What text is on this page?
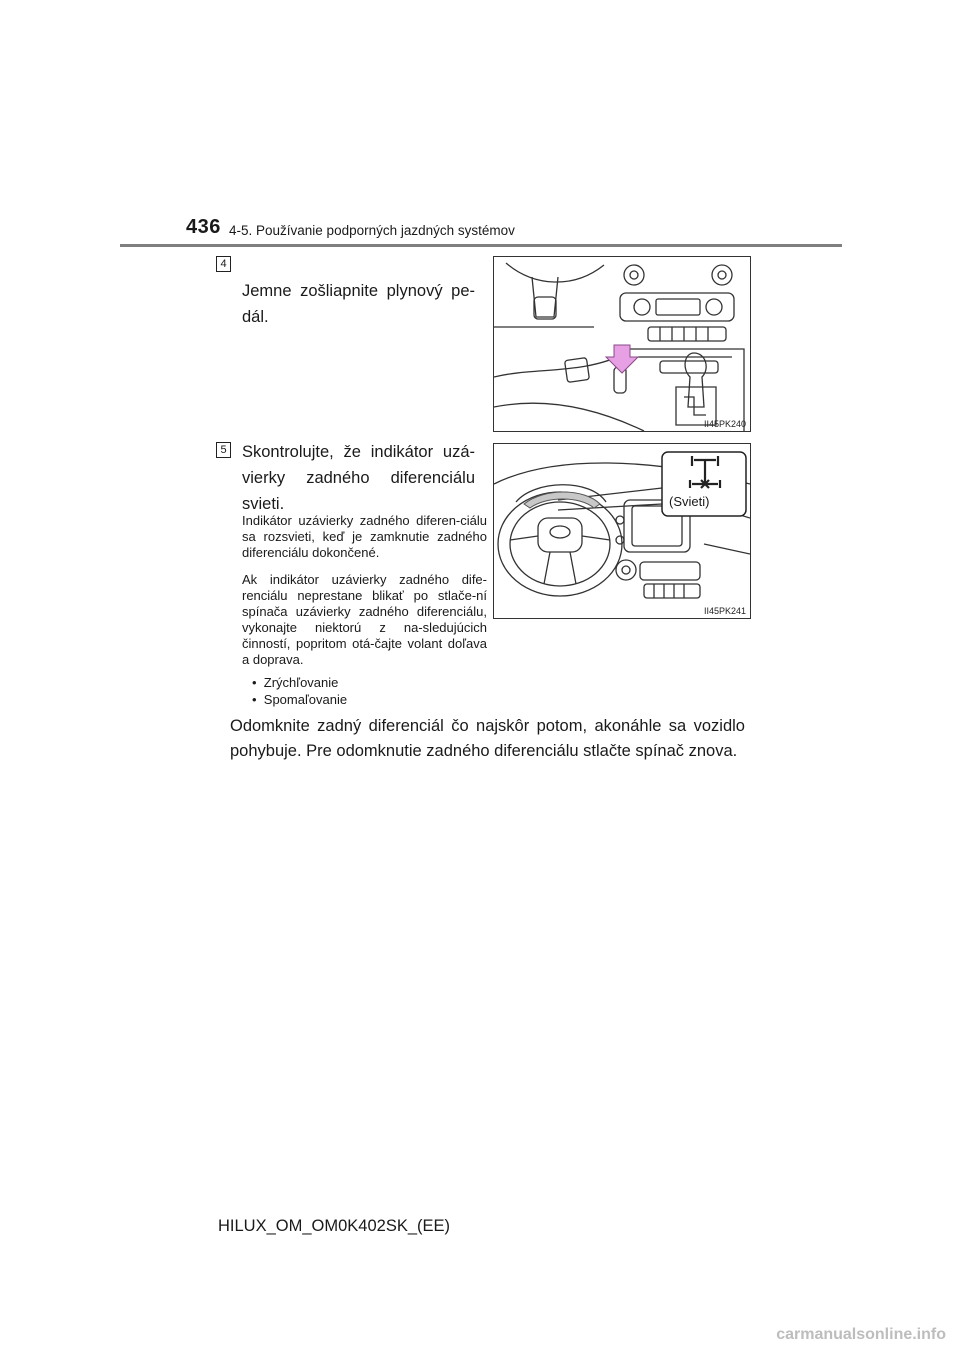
436 4-5. Používanie podporných jazdných systémov
4
Jemne zošliapnite plynový pe-dál.
II45PK240
5 Skontrolujte, že indikátor uzá-vierky zadného diferenciálu svieti.
Indikátor uzávierky zadného diferen-ciálu sa rozsvieti, keď je zamknutie zadného diferenciálu dokončené.
Ak indikátor uzávierky zadného dife-renciálu neprestane blikať po stlače-ní spínača uzávierky zadného diferenciálu, vykonajte niektorú z na-sledujúcich činností, popritom otá-čajte volant doľava a doprava.
•  Zrýchľovanie
•  Spomaľovanie
(Svieti)
II45PK241
Odomknite zadný diferenciál čo najskôr potom, akonáhle sa vozidlo pohybuje. Pre odomknutie zadného diferenciálu stlačte spínač znova.
HILUX_OM_OM0K402SK_(EE)
carmanualsonline.info
